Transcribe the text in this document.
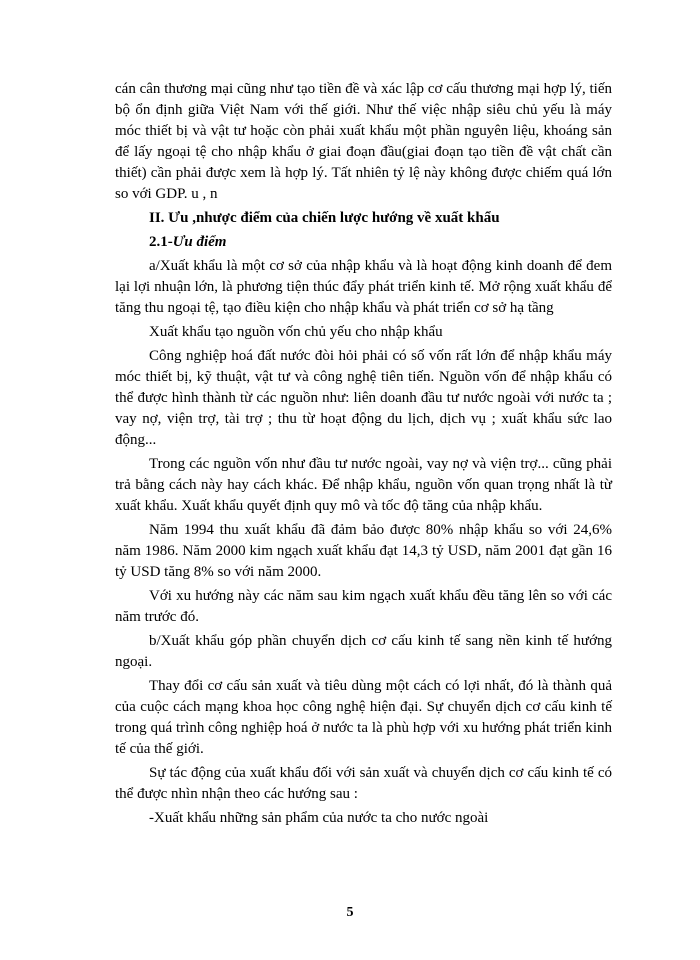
cán cân thương mại cũng như tạo tiền đề và xác lập cơ cấu thương mại hợp lý, tiến bộ ổn định giữa Việt Nam với thế giới. Như thế việc nhập siêu chủ yếu là máy móc thiết bị và vật tư hoặc còn phải xuất khẩu một phần nguyên liệu, khoáng sản để lấy ngoại tệ cho nhập khẩu ở giai đoạn đầu(giai đoạn tạo tiền đề vật chất cần thiết) cần phải được xem là hợp lý. Tất nhiên tỷ lệ này không được chiếm quá lớn so với GDP. u , n

II. Ưu ,nhược điểm của chiến lược hướng về xuất khẩu

2.1-Ưu điểm

a/Xuất khẩu là một cơ sở của nhập khẩu và là hoạt động kinh doanh để đem lại lợi nhuận lớn, là phương tiện thúc đẩy phát triển kinh tế. Mở rộng xuất khẩu để tăng thu ngoại tệ, tạo điều kiện cho nhập khẩu và phát triển cơ sở hạ tầng

Xuất khẩu tạo nguồn vốn chủ yếu cho nhập khẩu

Công nghiệp hoá đất nước đòi hỏi phải có số vốn rất lớn để nhập khẩu máy móc thiết bị, kỹ thuật, vật tư và công nghệ tiên tiến. Nguồn vốn để nhập khẩu có thể được hình thành từ các nguồn như: liên doanh đầu tư nước ngoài với nước ta ; vay nợ, viện trợ, tài trợ ; thu từ hoạt động du lịch, dịch vụ ; xuất khẩu sức lao động...

Trong các nguồn vốn như đầu tư nước ngoài, vay nợ và viện trợ... cũng phải trả bằng cách này hay cách khác. Để nhập khẩu, nguồn vốn quan trọng nhất là từ xuất khẩu. Xuất khẩu quyết định quy mô và tốc độ tăng của nhập khẩu.

Năm 1994 thu xuất khẩu đã đảm bảo được 80% nhập khẩu so với 24,6% năm 1986. Năm 2000 kim ngạch xuất khẩu đạt 14,3 tỷ USD, năm 2001 đạt gần 16 tỷ USD tăng 8% so với năm 2000.

Với xu hướng này các năm sau kim ngạch xuất khẩu đều tăng lên so với các năm trước đó.

b/Xuất khẩu góp phần chuyển dịch cơ cấu kinh tế sang nền kinh tế hướng ngoại.

Thay đổi cơ cấu sản xuất và tiêu dùng một cách có lợi nhất, đó là thành quả của cuộc cách mạng khoa học công nghệ hiện đại. Sự chuyển dịch cơ cấu kinh tế trong quá trình công nghiệp hoá ở nước ta là phù hợp với xu hướng phát triển kinh tế của thế giới.

Sự tác động của xuất khẩu đối với sản xuất và chuyển dịch cơ cấu kinh tế có thể được nhìn nhận theo các hướng sau :

-Xuất khẩu những sản phẩm của nước ta cho nước ngoài

5
